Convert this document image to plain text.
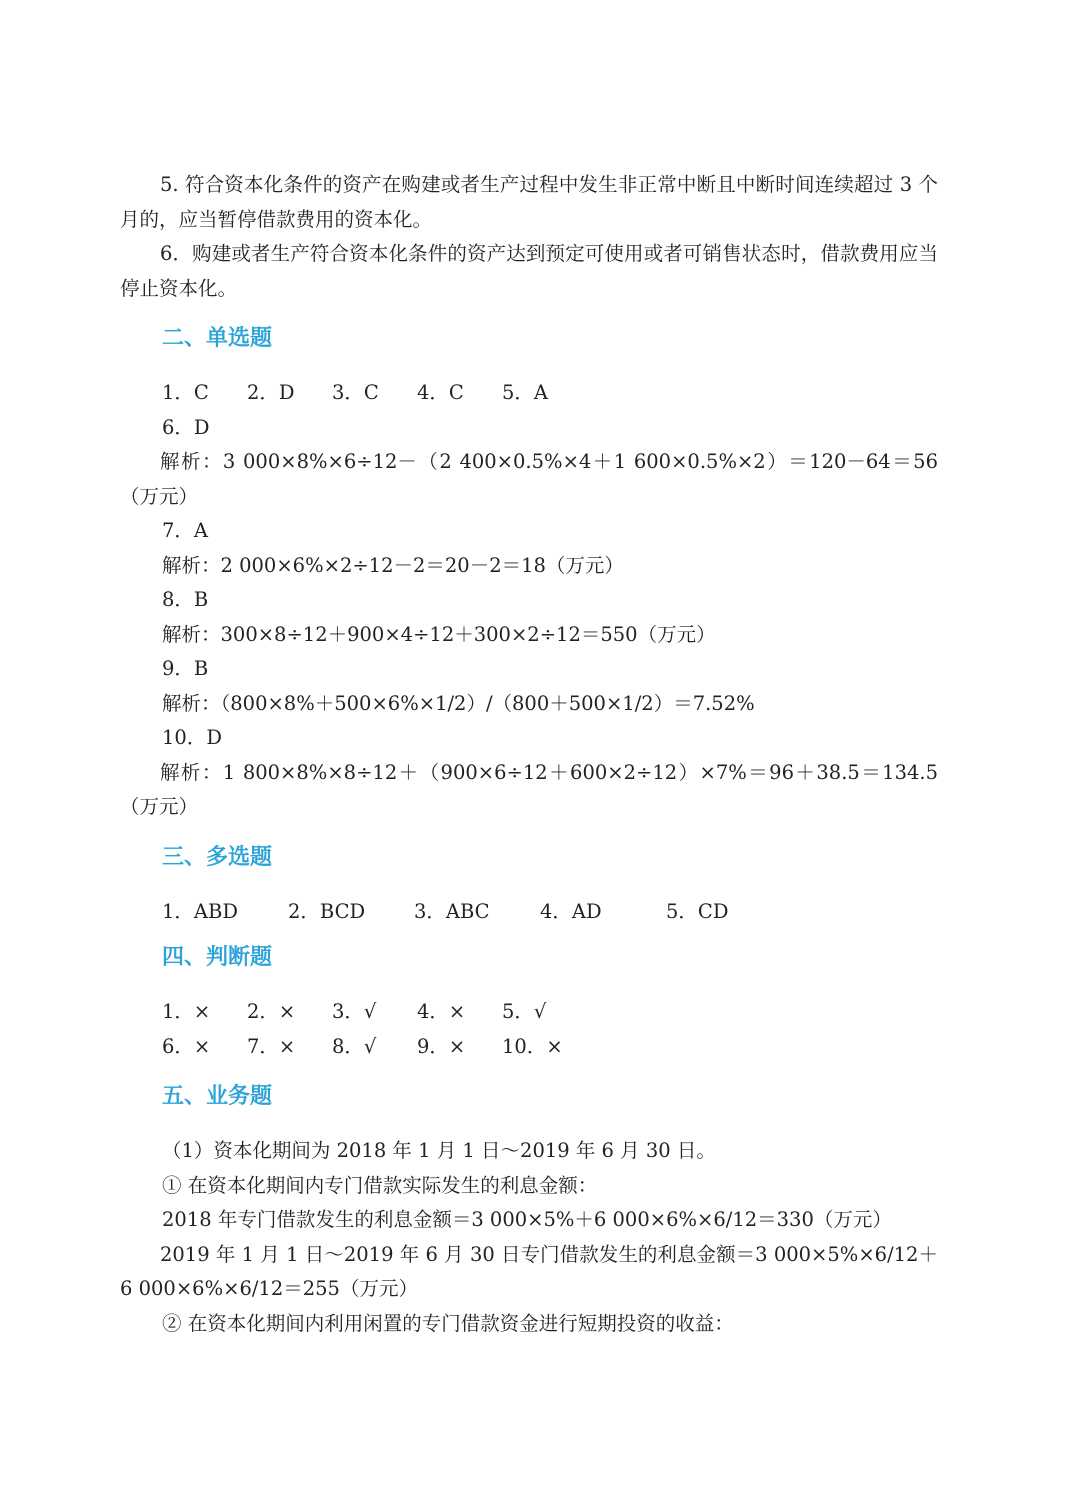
5. 符合资本化条件的资产在购建或者生产过程中发生非正常中断且中断时间连续超过 3 个月的，应当暂停借款费用的资本化。

6．购建或者生产符合资本化条件的资产达到预定可使用或者可销售状态时，借款费用应当停止资本化。

二、单选题
1．C	2．D	3．C	4．C	5．A

6．D

解析：3 000×8%×6÷12－（2 400×0.5%×4＋1 600×0.5%×2）＝120－64＝56（万元）

7．A

解析：2 000×6%×2÷12－2＝20－2＝18（万元）

8．B

解析：300×8÷12＋900×4÷12＋300×2÷12＝550（万元）

9．B

解析：（800×8%＋500×6%×1/2）/（800＋500×1/2）＝7.52%

10．D

解析：1 800×8%×8÷12＋（900×6÷12＋600×2÷12）×7%＝96＋38.5＝134.5（万元）

三、多选题
1．ABD	2．BCD	3．ABC	4．AD	5．CD
四、判断题
1．×	2．×	3．√	4．×	5．√
6．×	7．×	8．√	9．×	10．×
五、业务题

（1）资本化期间为 2018 年 1 月 1 日～2019 年 6 月 30 日。

① 在资本化期间内专门借款实际发生的利息金额：

2018 年专门借款发生的利息金额＝3 000×5%＋6 000×6%×6/12＝330（万元）

2019 年 1 月 1 日～2019 年 6 月 30 日专门借款发生的利息金额＝3 000×5%×6/12＋6 000×6%×6/12＝255（万元）

② 在资本化期间内利用闲置的专门借款资金进行短期投资的收益：
